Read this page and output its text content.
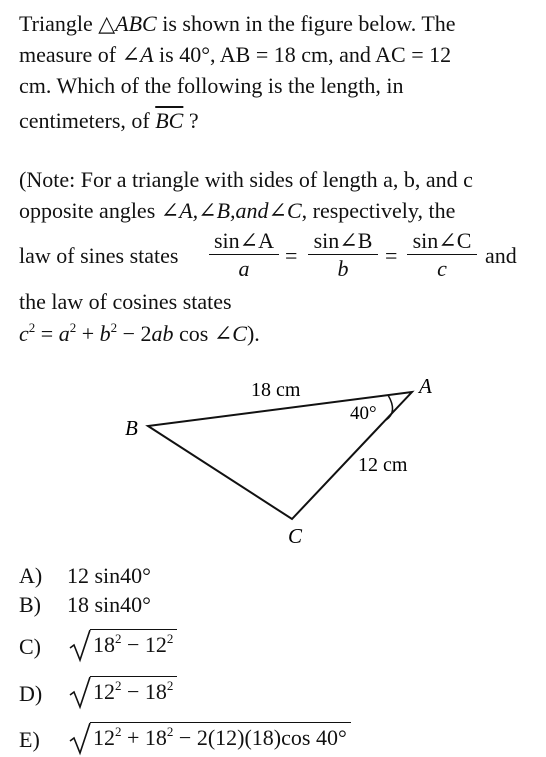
Triangle △ABC is shown in the figure below. The
measure of ∠A is 40°, AB = 18 cm, and AC = 12
cm. Which of the following is the length, in
centimeters, of $\overline{BC}$ ?
(Note: For a triangle with sides of length a, b, and c
opposite angles ∠A,∠B,and∠C, respectively, the
law of sines states
sin∠A
a
=
sin∠B
b
=
sin∠C
c
and
the law of cosines states
$c^2 = a^2 + b^2 - 2ab$ cos ∠C).
18 cm
40°
12 cm
A
B
C
A) 12 sin40°
B) 18 sin40°
C)	$18^2 - 12^2$
D)	$12^2 - 18^2$
E)	$12^2 + 18^2 - 2(12)(18)\cos$ 40°
